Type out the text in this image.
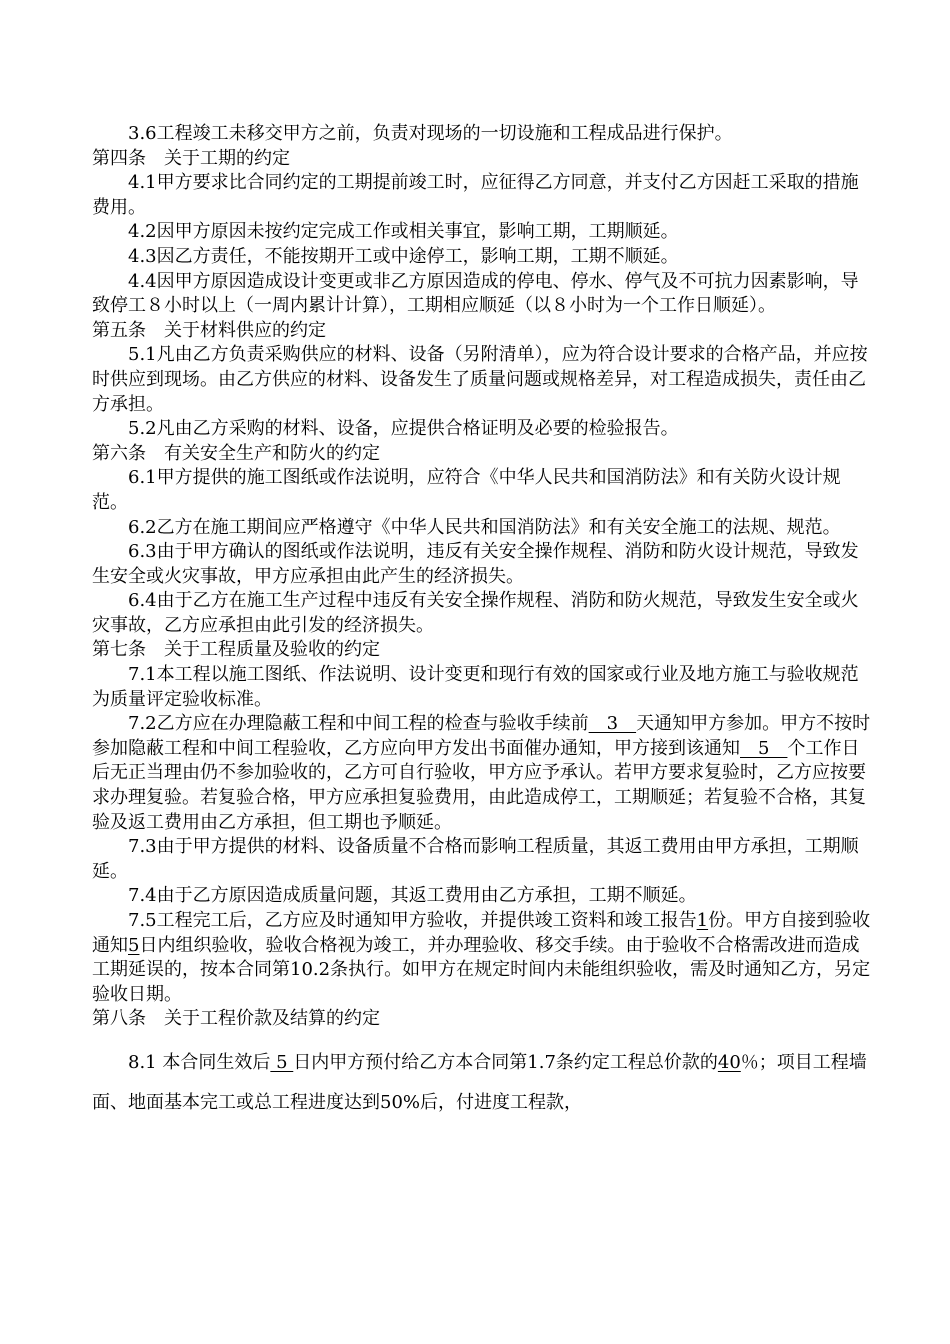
3.6工程竣工未移交甲方之前，负责对现场的一切设施和工程成品进行保护。

第四条　关于工期的约定

4.1甲方要求比合同约定的工期提前竣工时，应征得乙方同意，并支付乙方因赶工采取的措施费用。

4.2因甲方原因未按约定完成工作或相关事宜，影响工期，工期顺延。

4.3因乙方责任，不能按期开工或中途停工，影响工期，工期不顺延。

4.4因甲方原因造成设计变更或非乙方原因造成的停电、停水、停气及不可抗力因素影响，导致停工８小时以上（一周内累计计算），工期相应顺延（以８小时为一个工作日顺延）。

第五条　关于材料供应的约定

5.1凡由乙方负责采购供应的材料、设备（另附清单），应为符合设计要求的合格产品，并应按时供应到现场。由乙方供应的材料、设备发生了质量问题或规格差异，对工程造成损失，责任由乙方承担。

5.2凡由乙方采购的材料、设备，应提供合格证明及必要的检验报告。

第六条　有关安全生产和防火的约定

6.1甲方提供的施工图纸或作法说明，应符合《中华人民共和国消防法》和有关防火设计规范。

6.2乙方在施工期间应严格遵守《中华人民共和国消防法》和有关安全施工的法规、规范。

6.3由于甲方确认的图纸或作法说明，违反有关安全操作规程、消防和防火设计规范，导致发生安全或火灾事故，甲方应承担由此产生的经济损失。

6.4由于乙方在施工生产过程中违反有关安全操作规程、消防和防火规范，导致发生安全或火灾事故，乙方应承担由此引发的经济损失。

第七条　关于工程质量及验收的约定

7.1本工程以施工图纸、作法说明、设计变更和现行有效的国家或行业及地方施工与验收规范为质量评定验收标准。

7.2乙方应在办理隐蔽工程和中间工程的检查与验收手续前　3　天通知甲方参加。甲方不按时参加隐蔽工程和中间工程验收，乙方应向甲方发出书面催办通知，甲方接到该通知　5　个工作日后无正当理由仍不参加验收的，乙方可自行验收，甲方应予承认。若甲方要求复验时，乙方应按要求办理复验。若复验合格，甲方应承担复验费用，由此造成停工，工期顺延；若复验不合格，其复验及返工费用由乙方承担，但工期也予顺延。

7.3由于甲方提供的材料、设备质量不合格而影响工程质量，其返工费用由甲方承担，工期顺延。

7.4由于乙方原因造成质量问题，其返工费用由乙方承担，工期不顺延。

7.5工程完工后，乙方应及时通知甲方验收，并提供竣工资料和竣工报告1份。甲方自接到验收通知5日内组织验收，验收合格视为竣工，并办理验收、移交手续。由于验收不合格需改进而造成工期延误的，按本合同第10.2条执行。如甲方在规定时间内未能组织验收，需及时通知乙方，另定验收日期。

第八条　关于工程价款及结算的约定

8.1 本合同生效后 5 日内甲方预付给乙方本合同第1.7条约定工程总价款的40％；项目工程墙面、地面基本完工或总工程进度达到50%后，付进度工程款，
